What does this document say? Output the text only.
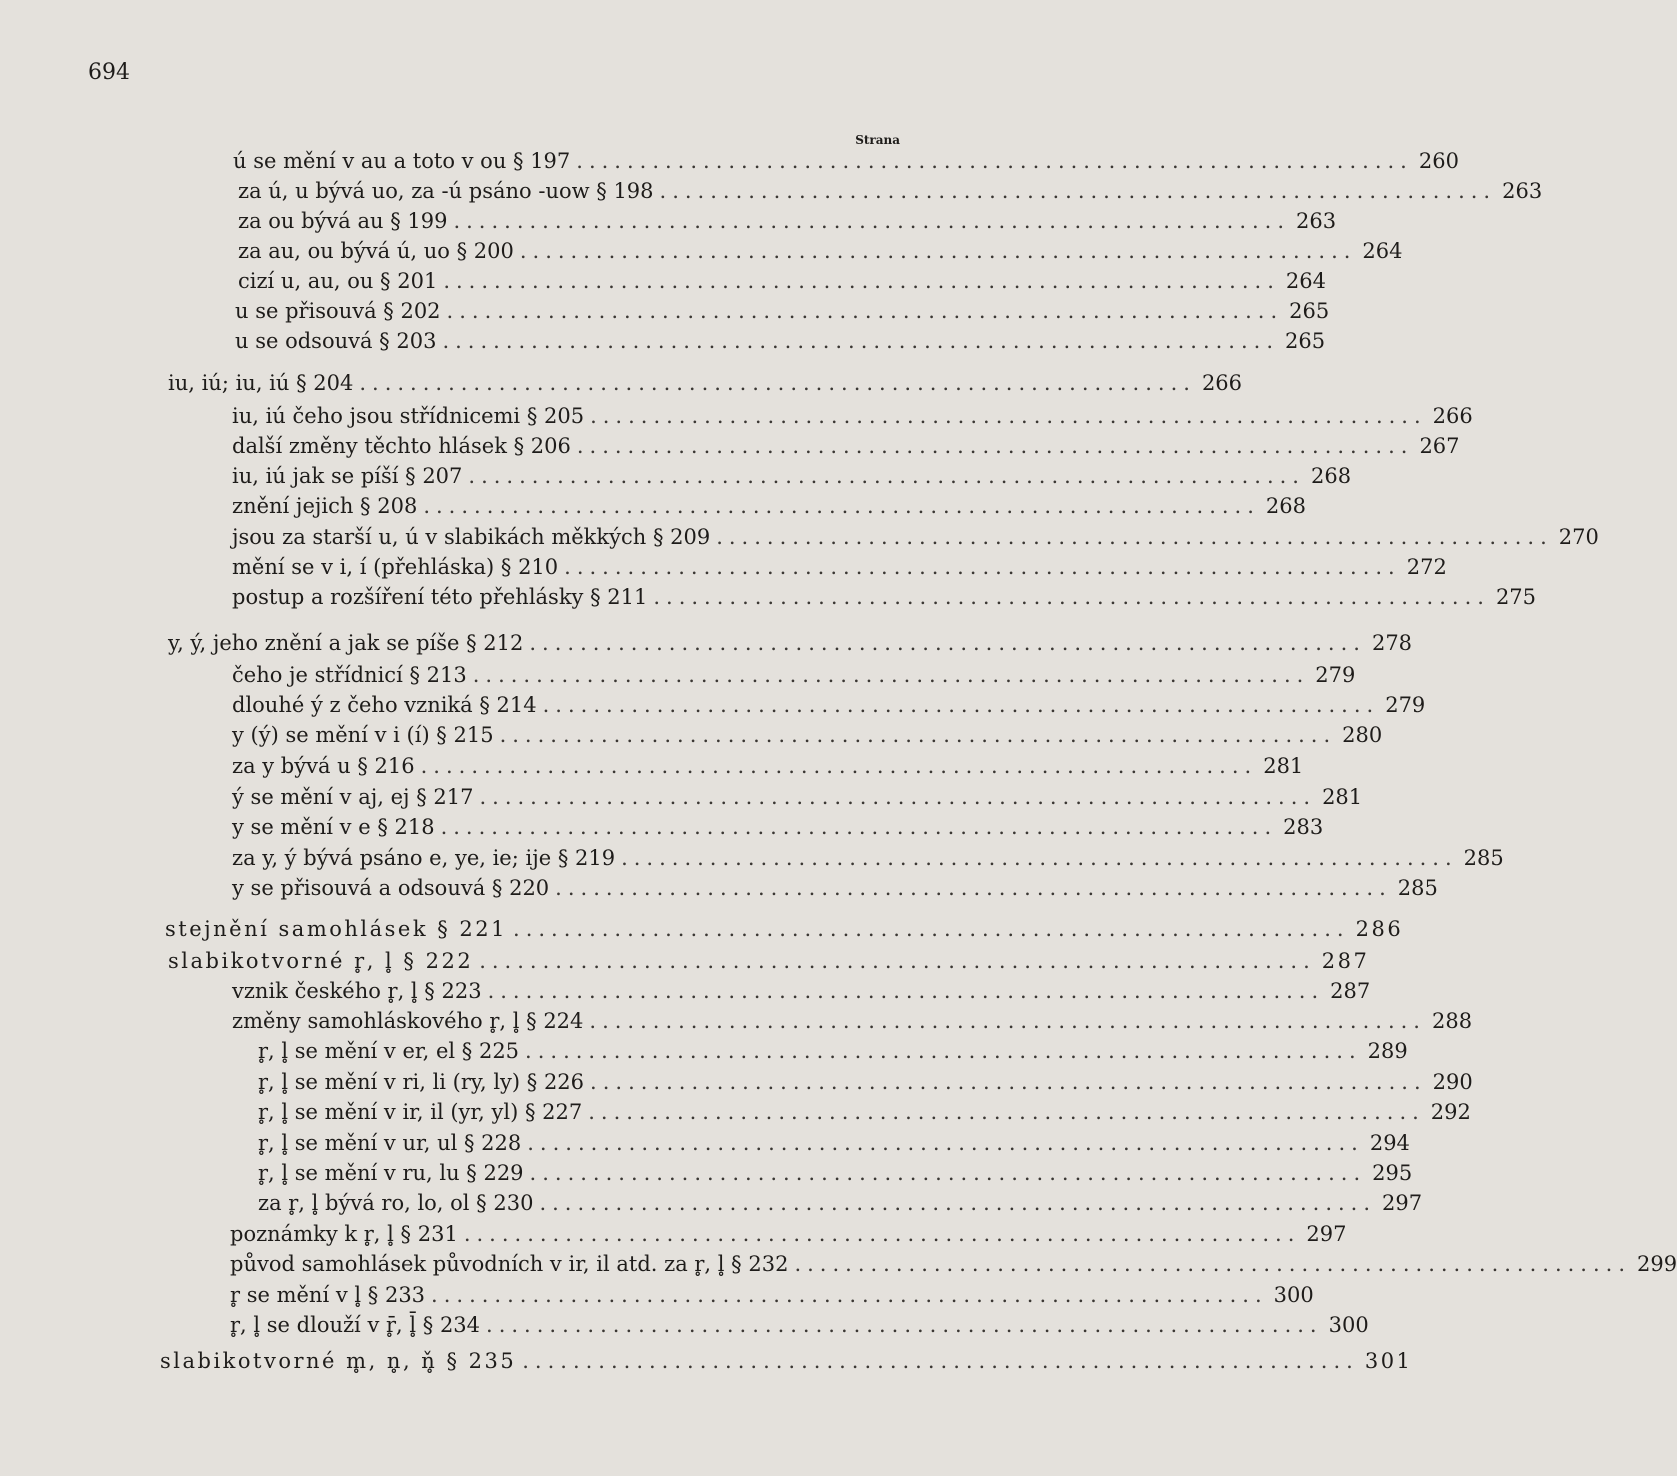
694
Strana
ú se mění v au a toto v ou § 197 .................................................................. 260
za ú, u bývá uo, za -ú psáno -uow § 198 .................................................................. 263
za ou bývá au § 199 .................................................................. 263
za au, ou bývá ú, uo § 200 .................................................................. 264
cizí u, au, ou § 201 .................................................................. 264
u se přisouvá § 202 .................................................................. 265
u se odsouvá § 203 .................................................................. 265
iu, iú; iu, iú § 204 .................................................................. 266
iu, iú čeho jsou střídnicemi § 205 .................................................................. 266
další změny těchto hlásek § 206 .................................................................. 267
iu, iú jak se píší § 207 .................................................................. 268
znění jejich § 208 .................................................................. 268
jsou za starší u, ú v slabikách měkkých § 209 .................................................................. 270
mění se v i, í (přehláska) § 210 .................................................................. 272
postup a rozšíření této přehlásky § 211 .................................................................. 275
y, ý, jeho znění a jak se píše § 212 .................................................................. 278
čeho je střídnicí § 213 .................................................................. 279
dlouhé ý z čeho vzniká § 214 .................................................................. 279
y (ý) se mění v i (í) § 215 .................................................................. 280
za y bývá u § 216 .................................................................. 281
ý se mění v aj, ej § 217 .................................................................. 281
y se mění v e § 218 .................................................................. 283
za y, ý bývá psáno e, ye, ie; ije § 219 .................................................................. 285
y se přisouvá a odsouvá § 220 .................................................................. 285
stejnění samohlásek § 221 .................................................................. 286
slabikotvorné r̥, l̥ § 222 .................................................................. 287
vznik českého r̥, l̥ § 223 .................................................................. 287
změny samohláskového r̥, l̥ § 224 .................................................................. 288
r̥, l̥ se mění v er, el § 225 .................................................................. 289
r̥, l̥ se mění v ri, li (ry, ly) § 226 .................................................................. 290
r̥, l̥ se mění v ir, il (yr, yl) § 227 .................................................................. 292
r̥, l̥ se mění v ur, ul § 228 .................................................................. 294
r̥, l̥ se mění v ru, lu § 229 .................................................................. 295
za r̥, l̥ bývá ro, lo, ol § 230 .................................................................. 297
poznámky k r̥, l̥ § 231 .................................................................. 297
původ samohlásek původních v ir, il atd. za r̥, l̥ § 232 .................................................................. 299
r̥ se mění v l̥ § 233 .................................................................. 300
r̥, l̥ se dlouží v r̥̄, l̥̄ § 234 .................................................................. 300
slabikotvorné m̥, n̥, ň̥ § 235 .................................................................. 301
